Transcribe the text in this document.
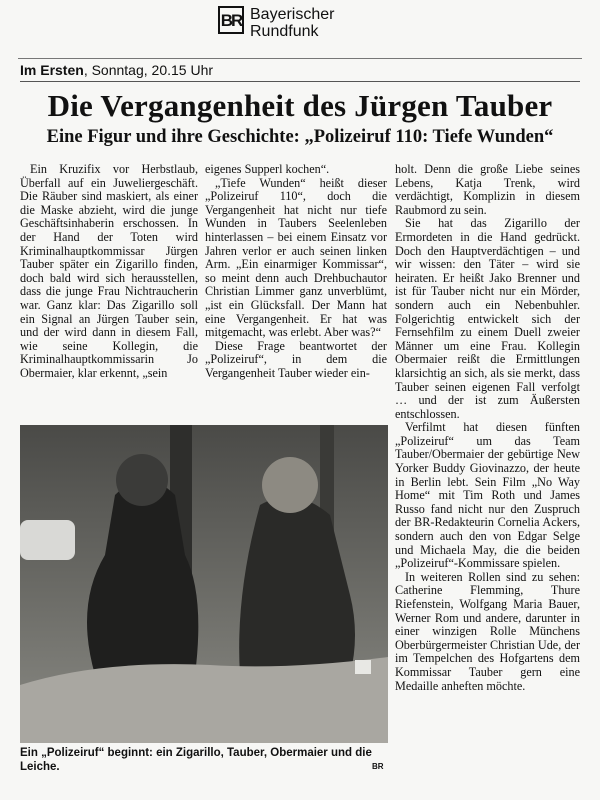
BR Bayerischer
Rundfunk
Im Ersten, Sonntag, 20.15 Uhr
Die Vergangenheit des Jürgen Tauber
Eine Figur und ihre Geschichte: „Polizeiruf 110: Tiefe Wunden“

Ein Kruzifix vor Herbstlaub, Überfall auf ein Juweliergeschäft. Die Räuber sind maskiert, als einer die Maske abzieht, wird die junge Geschäftsinhaberin erschossen. In der Hand der Toten wird Kriminalhauptkommissar Jürgen Tauber später ein Zigarillo finden, doch bald wird sich herausstellen, dass die junge Frau Nichtraucherin war. Ganz klar: Das Zigarillo soll ein Signal an Jürgen Tauber sein, und der wird dann in diesem Fall, wie seine Kollegin, die Kriminalhauptkommissarin Jo Obermaier, klar erkennt, „sein

eigenes Supperl kochen“.

„Tiefe Wunden“ heißt dieser „Polizeiruf 110“, doch die Vergangenheit hat nicht nur tiefe Wunden in Taubers Seelenleben hinterlassen – bei einem Einsatz vor Jahren verlor er auch seinen linken Arm. „Ein einarmiger Kommissar“, so meint denn auch Drehbuchautor Christian Limmer ganz unverblümt, „ist ein Glücksfall. Der Mann hat eine Vergangenheit. Er hat was mitgemacht, was erlebt. Aber was?“

Diese Frage beantwortet der „Polizeiruf“, in dem die Vergangenheit Tauber wieder ein-

holt. Denn die große Liebe seines Lebens, Katja Trenk, wird verdächtigt, Komplizin in diesem Raubmord zu sein.

Sie hat das Zigarillo der Ermordeten in die Hand gedrückt. Doch den Hauptverdächtigen – und wir wissen: den Täter – wird sie heiraten. Er heißt Jako Brenner und ist für Tauber nicht nur ein Mörder, sondern auch ein Nebenbuhler. Folgerichtig entwickelt sich der Fernsehfilm zu einem Duell zweier Männer um eine Frau. Kollegin Obermaier reißt die Ermittlungen klarsichtig an sich, als sie merkt, dass Tauber seinen eigenen Fall verfolgt … und der ist zum Äußersten entschlossen.

Verfilmt hat diesen fünften „Polizeiruf“ um das Team Tauber/Obermaier der gebürtige New Yorker Buddy Giovinazzo, der heute in Berlin lebt. Sein Film „No Way Home“ mit Tim Roth und James Russo fand nicht nur den Zuspruch der BR-Redakteurin Cornelia Ackers, sondern auch den von Edgar Selge und Michaela May, die die beiden „Polizeiruf“-Kommissare spielen.

In weiteren Rollen sind zu sehen: Catherine Flemming, Thure Riefenstein, Wolfgang Maria Bauer, Werner Rom und andere, darunter in einer winzigen Rolle Münchens Oberbürgermeister Christian Ude, der im Tempelchen des Hofgartens dem Kommissar Tauber gern eine Medaille anheften möchte.

Ein „Polizeiruf“ beginnt: ein Zigarillo, Tauber, Obermaier und die Leiche.	BR
